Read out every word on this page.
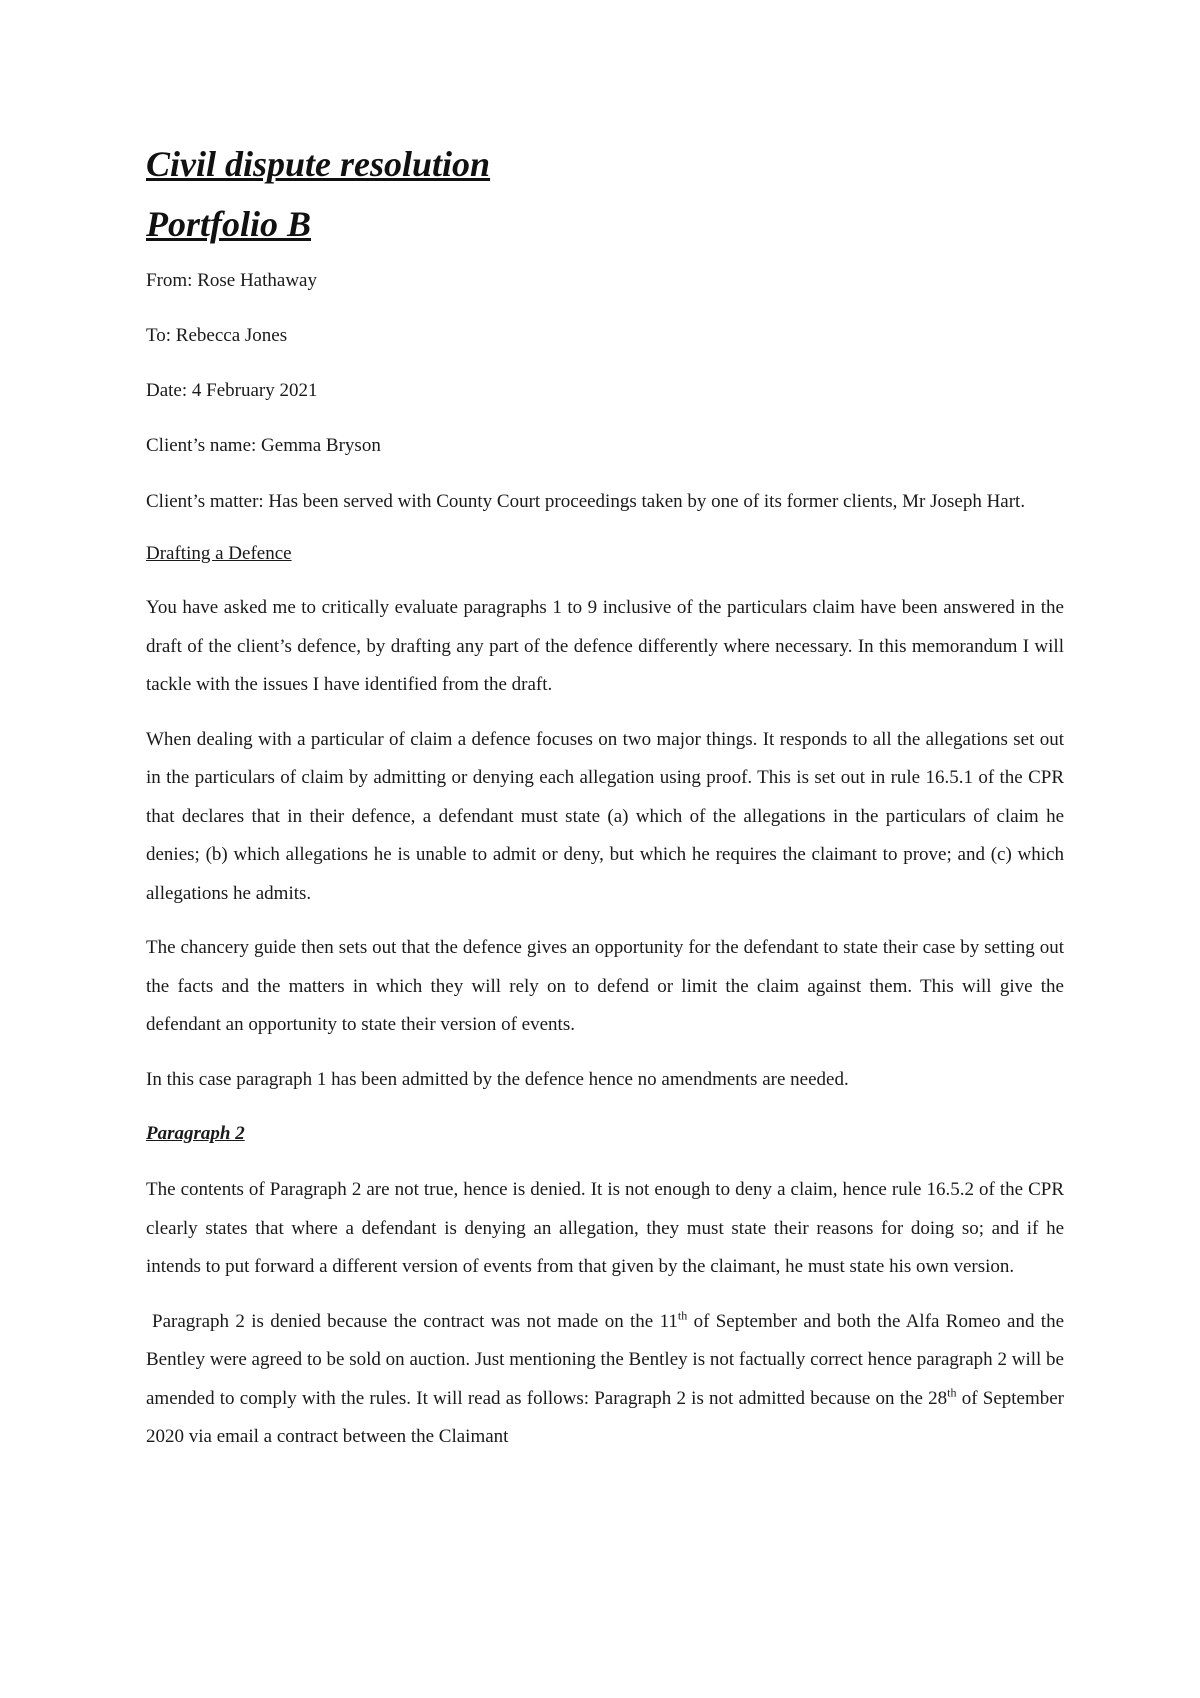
Civil dispute resolution
Portfolio B

From: Rose Hathaway

To: Rebecca Jones

Date: 4 February 2021

Client’s name: Gemma Bryson

Client’s matter: Has been served with County Court proceedings taken by one of its former clients, Mr Joseph Hart.

Drafting a Defence

You have asked me to critically evaluate paragraphs 1 to 9 inclusive of the particulars claim have been answered in the draft of the client’s defence, by drafting any part of the defence differently where necessary. In this memorandum I will tackle with the issues I have identified from the draft.

When dealing with a particular of claim a defence focuses on two major things. It responds to all the allegations set out in the particulars of claim by admitting or denying each allegation using proof. This is set out in rule 16.5.1 of the CPR that declares that in their defence, a defendant must state (a) which of the allegations in the particulars of claim he denies; (b) which allegations he is unable to admit or deny, but which he requires the claimant to prove; and (c) which allegations he admits.

The chancery guide then sets out that the defence gives an opportunity for the defendant to state their case by setting out the facts and the matters in which they will rely on to defend or limit the claim against them. This will give the defendant an opportunity to state their version of events.

In this case paragraph 1 has been admitted by the defence hence no amendments are needed.

Paragraph 2

The contents of Paragraph 2 are not true, hence is denied. It is not enough to deny a claim, hence rule 16.5.2 of the CPR clearly states that where a defendant is denying an allegation, they must state their reasons for doing so; and if he intends to put forward a different version of events from that given by the claimant, he must state his own version.

Paragraph 2 is denied because the contract was not made on the 11th of September and both the Alfa Romeo and the Bentley were agreed to be sold on auction. Just mentioning the Bentley is not factually correct hence paragraph 2 will be amended to comply with the rules. It will read as follows: Paragraph 2 is not admitted because on the 28th of September 2020 via email a contract between the Claimant
